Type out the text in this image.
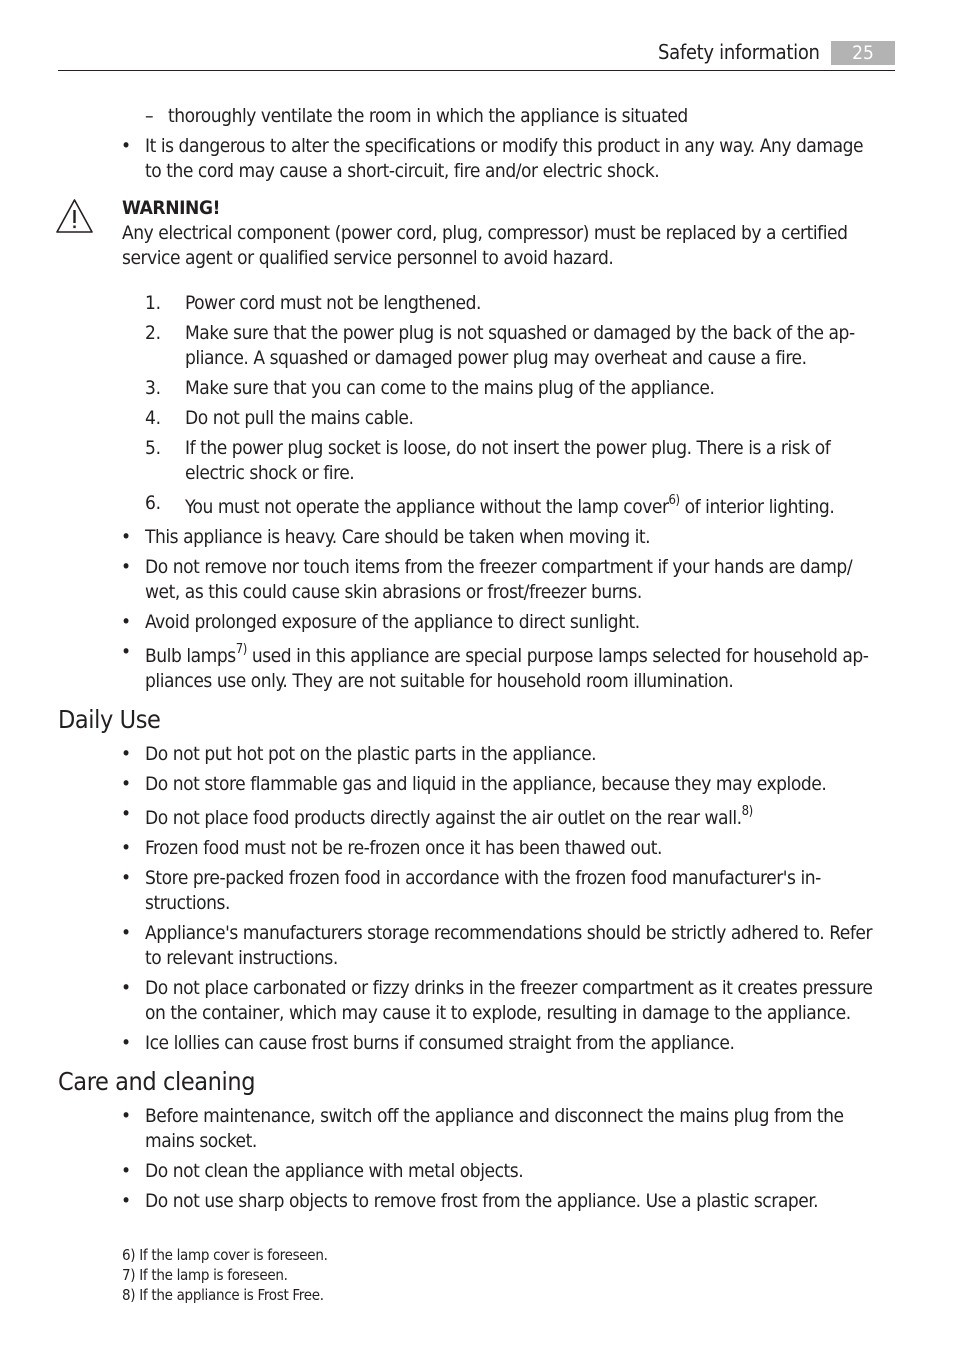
Safety information	25
– thoroughly ventilate the room in which the appliance is situated
• It is dangerous to alter the specifications or modify this product in any way. Any damage
to the cord may cause a short-circuit, fire and/or electric shock.
WARNING!
Any electrical component (power cord, plug, compressor) must be replaced by a certified
service agent or qualified service personnel to avoid hazard.
1. Power cord must not be lengthened.
2. Make sure that the power plug is not squashed or damaged by the back of the ap-
pliance. A squashed or damaged power plug may overheat and cause a fire.
3. Make sure that you can come to the mains plug of the appliance.
4. Do not pull the mains cable.
5. If the power plug socket is loose, do not insert the power plug. There is a risk of
electric shock or fire.
6. You must not operate the appliance without the lamp cover$^{6)}$ of interior lighting.
• This appliance is heavy. Care should be taken when moving it.
• Do not remove nor touch items from the freezer compartment if your hands are damp/
wet, as this could cause skin abrasions or frost/freezer burns.
• Avoid prolonged exposure of the appliance to direct sunlight.
• Bulb lamps$^{7)}$ used in this appliance are special purpose lamps selected for household ap-
pliances use only. They are not suitable for household room illumination.
Daily Use
• Do not put hot pot on the plastic parts in the appliance.
• Do not store flammable gas and liquid in the appliance, because they may explode.
• Do not place food products directly against the air outlet on the rear wall.$^{8)}$
• Frozen food must not be re-frozen once it has been thawed out.
• Store pre-packed frozen food in accordance with the frozen food manufacturer's in-
structions.
• Appliance's manufacturers storage recommendations should be strictly adhered to. Refer
to relevant instructions.
• Do not place carbonated or fizzy drinks in the freezer compartment as it creates pressure
on the container, which may cause it to explode, resulting in damage to the appliance.
• Ice lollies can cause frost burns if consumed straight from the appliance.
Care and cleaning
• Before maintenance, switch off the appliance and disconnect the mains plug from the
mains socket.
• Do not clean the appliance with metal objects.
• Do not use sharp objects to remove frost from the appliance. Use a plastic scraper.
6) If the lamp cover is foreseen.
7) If the lamp is foreseen.
8) If the appliance is Frost Free.
